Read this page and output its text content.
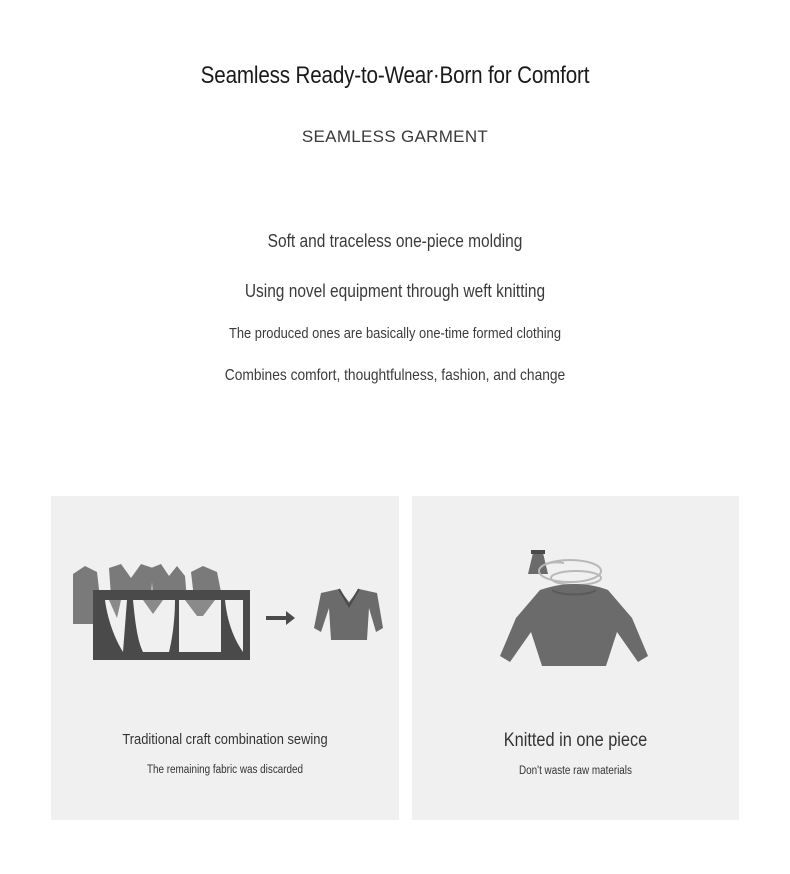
Seamless Ready-to-Wear·Born for Comfort
SEAMLESS GARMENT
Soft and traceless one-piece molding
Using novel equipment through weft knitting
The produced ones are basically one-time formed clothing
Combines comfort, thoughtfulness, fashion, and change
Traditional craft combination sewing
The remaining fabric was discarded
Knitted in one piece
Don't waste raw materials
